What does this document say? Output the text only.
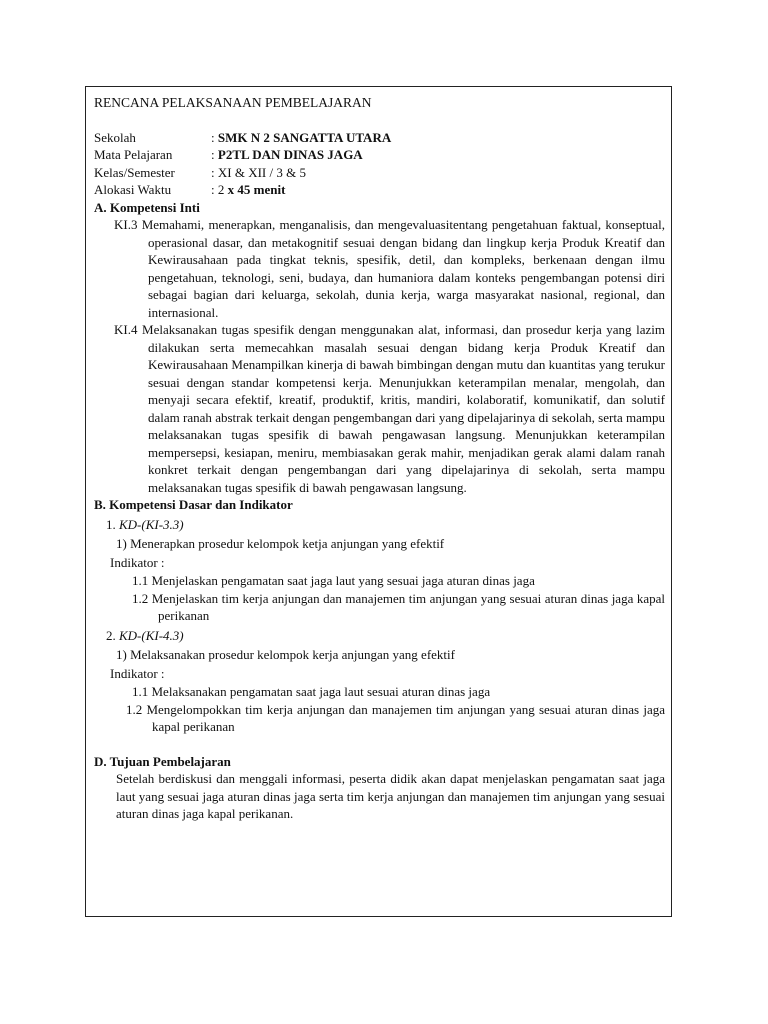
RENCANA PELAKSANAAN PEMBELAJARAN
Sekolah	: SMK N 2 SANGATTA UTARA
Mata Pelajaran	: P2TL DAN DINAS JAGA
Kelas/Semester	: XI & XII / 3 & 5
Alokasi Waktu	: 2 x 45 menit

A. Kompetensi Inti

KI.3 Memahami, menerapkan, menganalisis, dan mengevaluasitentang pengetahuan faktual, konseptual, operasional dasar, dan metakognitif sesuai dengan bidang dan lingkup kerja Produk Kreatif dan Kewirausahaan pada tingkat teknis, spesifik, detil, dan kompleks, berkenaan dengan ilmu pengetahuan, teknologi, seni, budaya, dan humaniora dalam konteks pengembangan potensi diri sebagai bagian dari keluarga, sekolah, dunia kerja, warga masyarakat nasional, regional, dan internasional.

KI.4 Melaksanakan tugas spesifik dengan menggunakan alat, informasi, dan prosedur kerja yang lazim dilakukan serta memecahkan masalah sesuai dengan bidang kerja Produk Kreatif dan Kewirausahaan Menampilkan kinerja di bawah bimbingan dengan mutu dan kuantitas yang terukur sesuai dengan standar kompetensi kerja. Menunjukkan keterampilan menalar, mengolah, dan menyaji secara efektif, kreatif, produktif, kritis, mandiri, kolaboratif, komunikatif, dan solutif dalam ranah abstrak terkait dengan pengembangan dari yang dipelajarinya di sekolah, serta mampu melaksanakan tugas spesifik di bawah pengawasan langsung. Menunjukkan keterampilan mempersepsi, kesiapan, meniru, membiasakan gerak mahir, menjadikan gerak alami dalam ranah konkret terkait dengan pengembangan dari yang dipelajarinya di sekolah, serta mampu melaksanakan tugas spesifik di bawah pengawasan langsung.

B. Kompetensi Dasar dan Indikator

1. KD-(KI-3.3)

1) Menerapkan prosedur kelompok ketja anjungan yang efektif

Indikator :

1.1 Menjelaskan pengamatan saat jaga laut yang sesuai jaga aturan dinas jaga

1.2 Menjelaskan tim kerja anjungan dan manajemen tim anjungan yang sesuai aturan dinas jaga kapal perikanan

2. KD-(KI-4.3)

1) Melaksanakan prosedur kelompok kerja anjungan yang efektif

Indikator :

1.1 Melaksanakan pengamatan saat jaga laut sesuai aturan dinas jaga

1.2 Mengelompokkan tim kerja anjungan dan manajemen tim anjungan yang sesuai aturan dinas jaga kapal perikanan

D. Tujuan Pembelajaran

Setelah berdiskusi dan menggali informasi, peserta didik akan dapat menjelaskan pengamatan saat jaga laut yang sesuai jaga aturan dinas jaga serta tim kerja anjungan dan manajemen tim anjungan yang sesuai aturan dinas jaga kapal perikanan.
